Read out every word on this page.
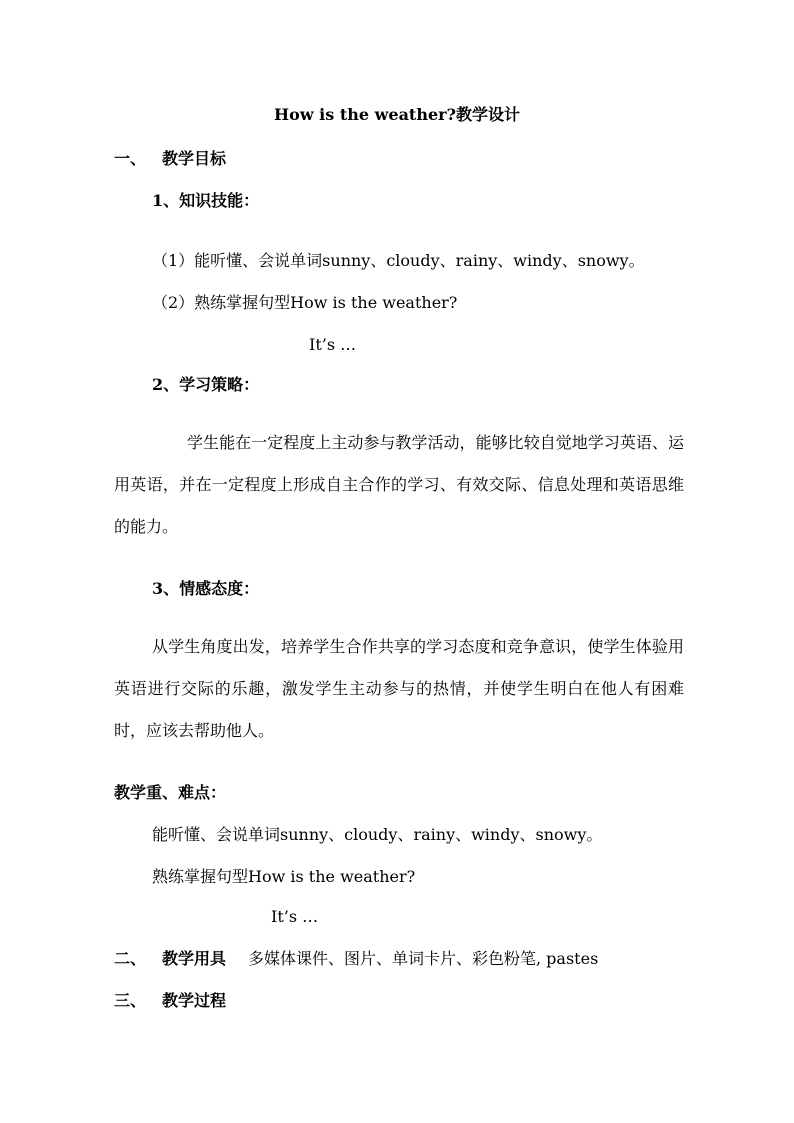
How is the weather?教学设计
一、 教学目标
1、知识技能：
（1）能听懂、会说单词sunny、cloudy、rainy、windy、snowy。
（2）熟练掌握句型How is the weather?
It’s …
2、学习策略：
学生能在一定程度上主动参与教学活动，能够比较自觉地学习英语、运用英语，并在一定程度上形成自主合作的学习、有效交际、信息处理和英语思维的能力。
3、情感态度：
从学生角度出发，培养学生合作共享的学习态度和竞争意识，使学生体验用英语进行交际的乐趣，激发学生主动参与的热情，并使学生明白在他人有困难时，应该去帮助他人。
教学重、难点：
能听懂、会说单词sunny、cloudy、rainy、windy、snowy。
熟练掌握句型How is the weather?
It’s …
二、 教学用具 多媒体课件、图片、单词卡片、彩色粉笔, pastes
三、 教学过程
